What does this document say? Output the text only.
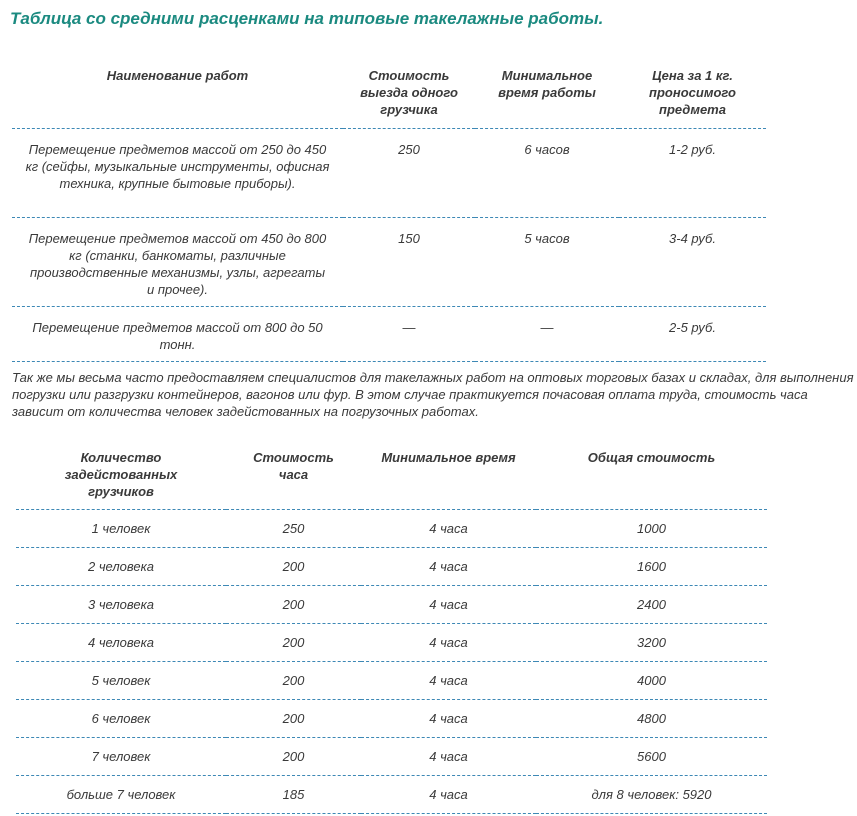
Таблица со средними расценками на типовые такелажные работы.
Наименование работ	Стоимость выезда одного грузчика	Минимальное время работы	Цена за 1 кг. проносимого предмета

Перемещение предметов массой от 250 до 450 кг (сейфы, музыкальные инструменты, офисная техника, крупные бытовые приборы).	250	6 часов	1-2 руб.

Перемещение предметов массой от 450 до 800 кг (станки, банкоматы, различные производственные механизмы, узлы, агрегаты и прочее).	150	5 часов	3-4 руб.

Перемещение предметов массой от 800 до 50 тонн.	—	—	2-5 руб.

Так же мы весьма часто предоставляем специалистов для такелажных работ на оптовых торговых базах и складах, для выполнения погрузки или разгрузки контейнеров, вагонов или фур. В этом случае практикуется почасовая оплата труда, стоимость часа зависит от количества человек задейстованных на погрузочных работах.

Количество задейстованных грузчиков	Стоимость часа	Минимальное время	Общая стоимость
1 человек	250	4 часа	1000
2 человека	200	4 часа	1600
3 человека	200	4 часа	2400
4 человека	200	4 часа	3200
5 человек	200	4 часа	4000
6 человек	200	4 часа	4800
7 человек	200	4 часа	5600
больше 7 человек	185	4 часа	для 8 человек: 5920
